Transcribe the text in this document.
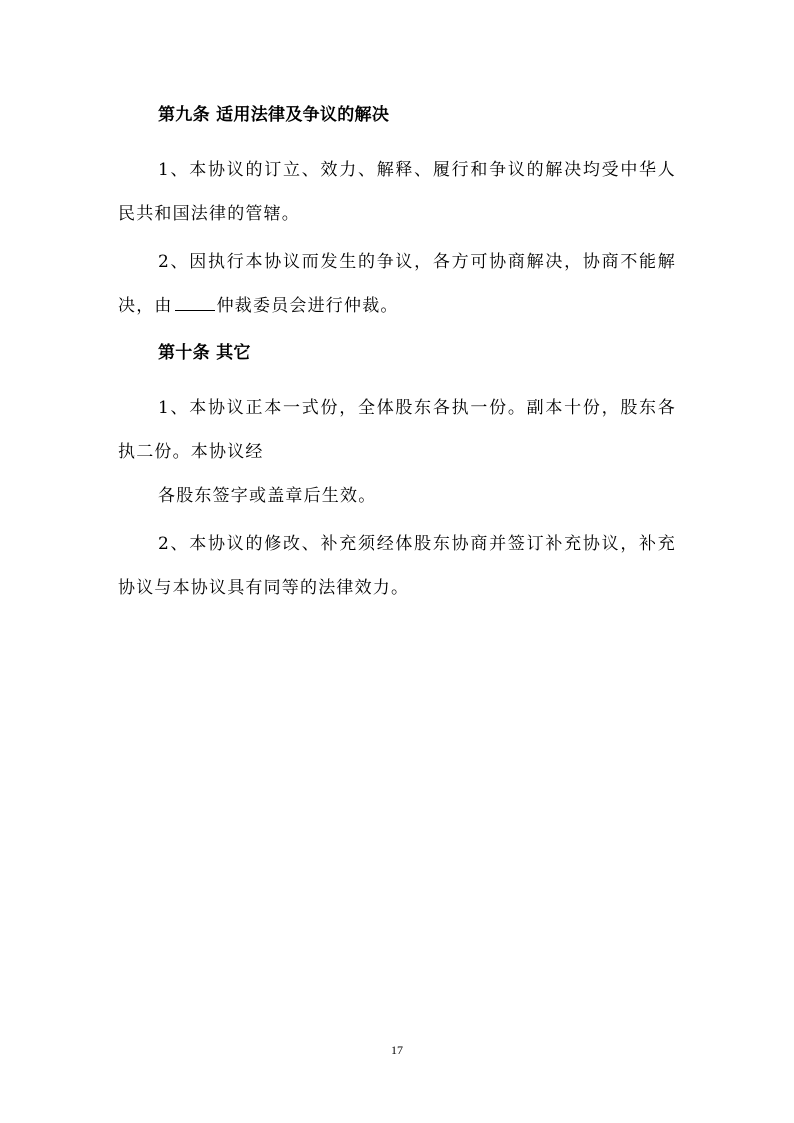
第九条 适用法律及争议的解决

1、本协议的订立、效力、解释、履行和争议的解决均受中华人民共和国法律的管辖。

2、因执行本协议而发生的争议，各方可协商解决，协商不能解决，由	仲裁委员会进行仲裁。

第十条 其它

1、本协议正本一式份，全体股东各执一份。副本十份，股东各执二份。本协议经

各股东签字或盖章后生效。

2、本协议的修改、补充须经体股东协商并签订补充协议，补充协议与本协议具有同等的法律效力。

17
